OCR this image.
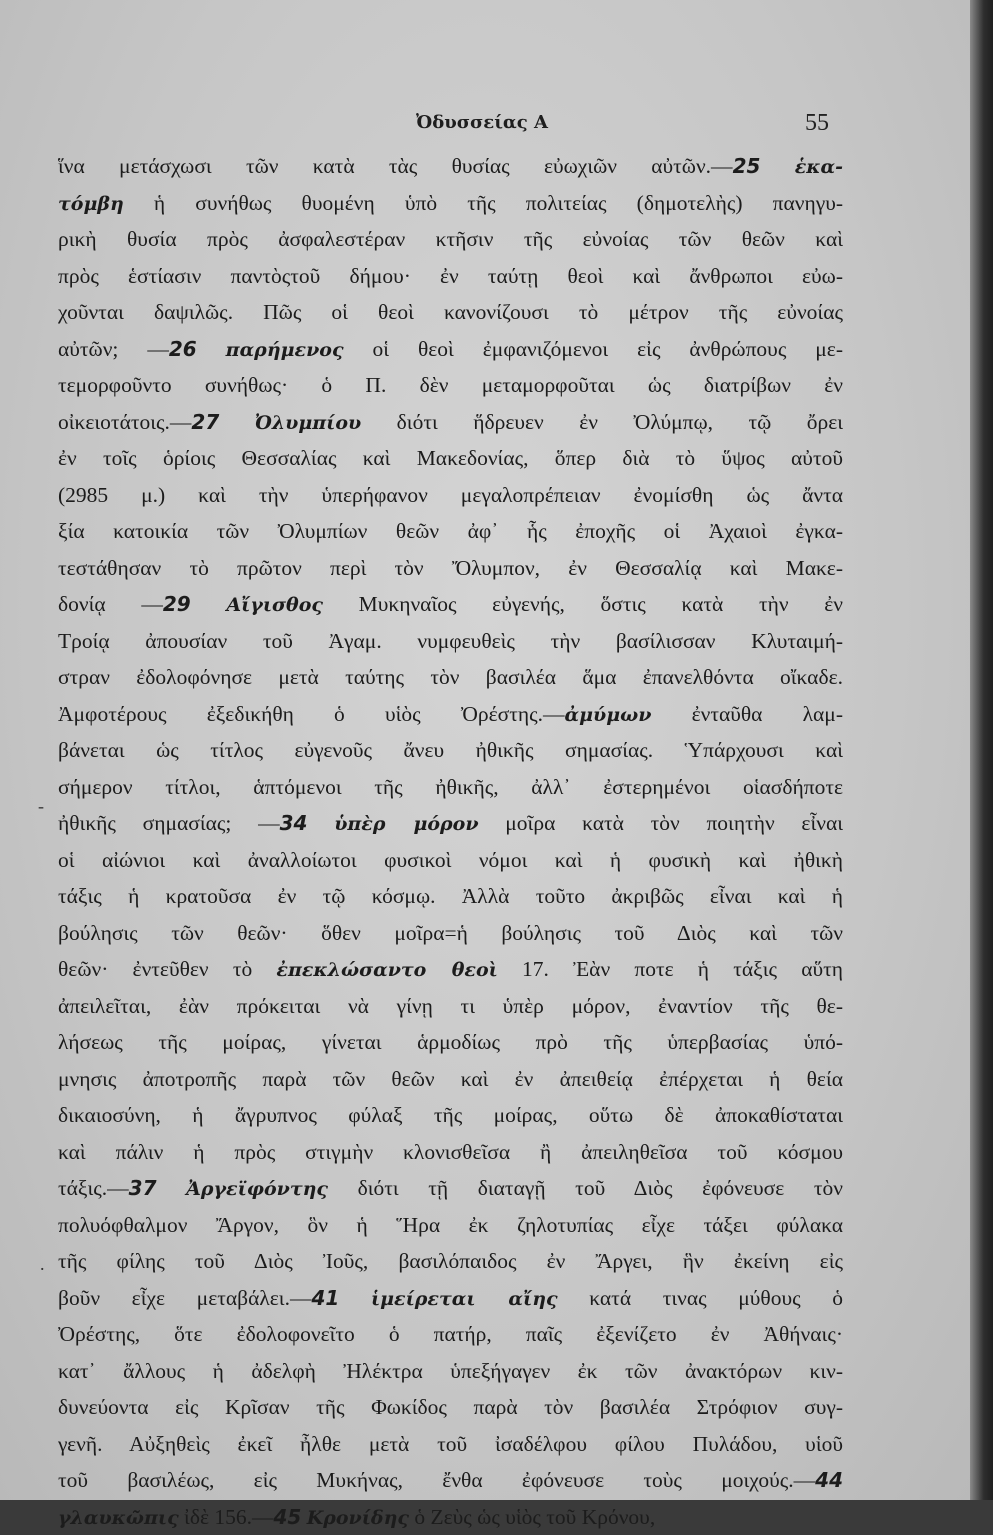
Ὀδυσσείας Α	55
ἵνα μετάσχωσι τῶν κατὰ τὰς θυσίας εὐωχιῶν αὐτῶν.—25 ἑκα-
τόμβη ἡ συνήθως θυομένη ὑπὸ τῆς πολιτείας (δημοτελὴς) πανηγυ-
ρικὴ θυσία πρὸς ἀσφαλεστέραν κτῆσιν τῆς εὐνοίας τῶν θεῶν καὶ
πρὸς ἑστίασιν παντὸςτοῦ δήμου· ἐν ταύτῃ θεοὶ καὶ ἄνθρωποι εὐω-
χοῦνται δαψιλῶς. Πῶς οἱ θεοὶ κανονίζουσι τὸ μέτρον τῆς εὐνοίας
αὐτῶν; —26 παρήμενος οἱ θεοὶ ἐμφανιζόμενοι εἰς ἀνθρώπους με-
τεμορφοῦντο συνήθως· ὁ Π. δὲν μεταμορφοῦται ὡς διατρίβων ἐν
οἰκειοτάτοις.—27 Ὀλυμπίου διότι ἥδρευεν ἐν Ὀλύμπῳ, τῷ ὄρει
ἐν τοῖς ὁρίοις Θεσσαλίας καὶ Μακεδονίας, ὅπερ διὰ τὸ ὕψος αὐτοῦ
(2985 μ.) καὶ τὴν ὑπερήφανον μεγαλοπρέπειαν ἐνομίσθη ὡς ἄντα
ξία κατοικία τῶν Ὀλυμπίων θεῶν ἀφ᾽ ἧς ἐποχῆς οἱ Ἀχαιοὶ ἐγκα-
τεστάθησαν τὸ πρῶτον περὶ τὸν Ὄλυμπον, ἐν Θεσσαλίᾳ καὶ Μακε-
δονίᾳ —29 Αἴγισθος Μυκηναῖος εὐγενής, ὅστις κατὰ τὴν ἐν
Τροίᾳ ἀπουσίαν τοῦ Ἀγαμ. νυμφευθεὶς τὴν βασίλισσαν Κλυταιμή-
στραν ἐδολοφόνησε μετὰ ταύτης τὸν βασιλέα ἅμα ἐπανελθόντα οἴκαδε.
Ἀμφοτέρους ἐξεδικήθη ὁ υἱὸς Ὀρέστης.—ἀμύμων ἐνταῦθα λαμ-
βάνεται ὡς τίτλος εὐγενοῦς ἄνευ ἠθικῆς σημασίας. Ὑπάρχουσι καὶ
σήμερον τίτλοι, ἁπτόμενοι τῆς ἠθικῆς, ἀλλ᾽ ἐστερημένοι οἱασδήποτε
ἠθικῆς σημασίας; —34 ὑπὲρ μόρον μοῖρα κατὰ τὸν ποιητὴν εἶναι
οἱ αἰώνιοι καὶ ἀναλλοίωτοι φυσικοὶ νόμοι καὶ ἡ φυσικὴ καὶ ἠθικὴ
τάξις ἡ κρατοῦσα ἐν τῷ κόσμῳ. Ἀλλὰ τοῦτο ἀκριβῶς εἶναι καὶ ἡ
βούλησις τῶν θεῶν· ὅθεν μοῖρα=ἡ βούλησις τοῦ Διὸς καὶ τῶν
θεῶν· ἐντεῦθεν τὸ ἐπεκλώσαντο θεοὶ 17. Ἐὰν ποτε ἡ τάξις αὕτη
ἀπειλεῖται, ἐὰν πρόκειται νὰ γίνῃ τι ὑπὲρ μόρον, ἐναντίον τῆς θε-
λήσεως τῆς μοίρας, γίνεται ἁρμοδίως πρὸ τῆς ὑπερβασίας ὑπό-
μνησις ἀποτροπῆς παρὰ τῶν θεῶν καὶ ἐν ἀπειθείᾳ ἐπέρχεται ἡ θεία
δικαιοσύνη, ἡ ἄγρυπνος φύλαξ τῆς μοίρας, οὕτω δὲ ἀποκαθίσταται
καὶ πάλιν ἡ πρὸς στιγμὴν κλονισθεῖσα ἢ ἀπειληθεῖσα τοῦ κόσμου
τάξις.—37 Ἀργεϊφόντης διότι τῇ διαταγῇ τοῦ Διὸς ἐφόνευσε τὸν
πολυόφθαλμον Ἄργον, ὃν ἡ Ἥρα ἐκ ζηλοτυπίας εἶχε τάξει φύλακα
τῆς φίλης τοῦ Διὸς Ἰοῦς, βασιλόπαιδος ἐν Ἄργει, ἣν ἐκείνη εἰς
βοῦν εἶχε μεταβάλει.—41 ἱμείρεται αἴης κατά τινας μύθους ὁ
Ὀρέστης, ὅτε ἐδολοφονεῖτο ὁ πατήρ, παῖς ἐξενίζετο ἐν Ἀθήναις·
κατ᾽ ἄλλους ἡ ἀδελφὴ Ἠλέκτρα ὑπεξήγαγεν ἐκ τῶν ἀνακτόρων κιν-
δυνεύοντα εἰς Κρῖσαν τῆς Φωκίδος παρὰ τὸν βασιλέα Στρόφιον συγ-
γενῆ. Αὐξηθεὶς ἐκεῖ ἦλθε μετὰ τοῦ ἰσαδέλφου φίλου Πυλάδου, υἱοῦ
τοῦ βασιλέως, εἰς Μυκήνας, ἔνθα ἐφόνευσε τοὺς μοιχούς.—44
γλαυκῶπις ἰδὲ 156.—45 Κρονίδης ὁ Ζεὺς ὡς υἱὸς τοῦ Κρόνου,
-
.
